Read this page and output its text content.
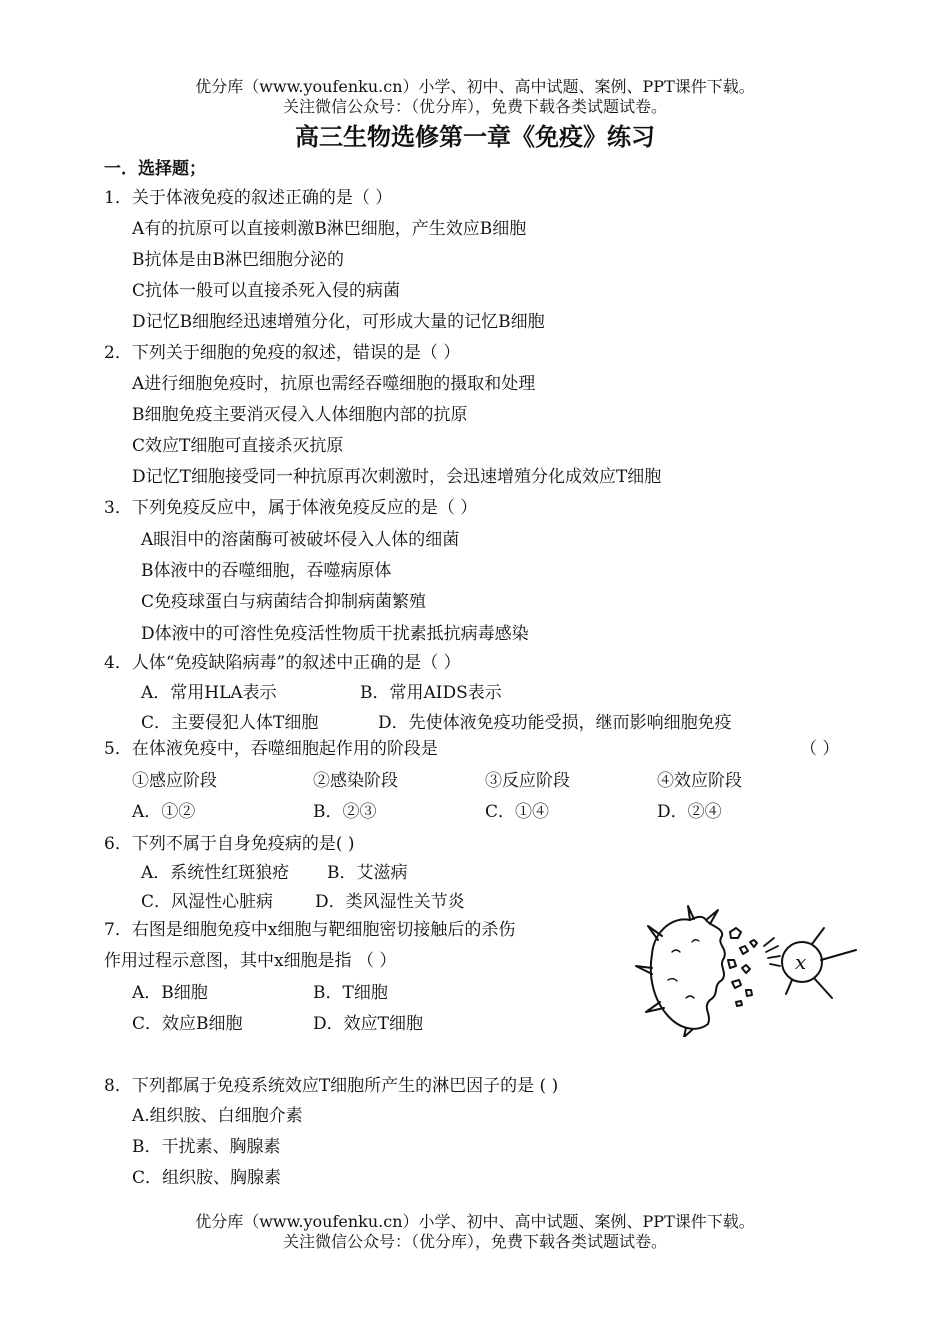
优分库（www.youfenku.cn）小学、初中、高中试题、案例、PPT课件下载。
关注微信公众号：（优分库），免费下载各类试题试卷。
高三生物选修第一章《免疫》练习
一．选择题；
1．关于体液免疫的叙述正确的是（ ）
A有的抗原可以直接刺激B淋巴细胞，产生效应B细胞
B抗体是由B淋巴细胞分泌的
C抗体一般可以直接杀死入侵的病菌
D记忆B细胞经迅速增殖分化，可形成大量的记忆B细胞
2．下列关于细胞的免疫的叙述，错误的是（ ）
A进行细胞免疫时，抗原也需经吞噬细胞的摄取和处理
B细胞免疫主要消灭侵入人体细胞内部的抗原
C效应T细胞可直接杀灭抗原
D记忆T细胞接受同一种抗原再次刺激时，会迅速增殖分化成效应T细胞
3．下列免疫反应中，属于体液免疫反应的是（ ）
A眼泪中的溶菌酶可被破坏侵入人体的细菌
B体液中的吞噬细胞，吞噬病原体
C免疫球蛋白与病菌结合抑制病菌繁殖
D体液中的可溶性免疫活性物质干扰素抵抗病毒感染
4．人体“免疫缺陷病毒”的叙述中正确的是（ ）
A．常用HLA表示	B．常用AIDS表示
C．主要侵犯人体T细胞	D．先使体液免疫功能受损，继而影响细胞免疫
5．在体液免疫中，吞噬细胞起作用的阶段是	（ ）
①感应阶段	②感染阶段	③反应阶段	④效应阶段
A．①②	B．②③	C．①④	D．②④
6．下列不属于自身免疫病的是( )
A．系统性红斑狼疮 B．艾滋病
C．风湿性心脏病 D．类风湿性关节炎
7．右图是细胞免疫中x细胞与靶细胞密切接触后的杀伤
作用过程示意图，其中x细胞是指 （ ）
A．B细胞	B．T细胞
C．效应B细胞	D．效应T细胞
x
8．下列都属于免疫系统效应T细胞所产生的淋巴因子的是 ( )
A.组织胺、白细胞介素
B．干扰素、胸腺素
C．组织胺、胸腺素
优分库（www.youfenku.cn）小学、初中、高中试题、案例、PPT课件下载。
关注微信公众号：（优分库），免费下载各类试题试卷。
